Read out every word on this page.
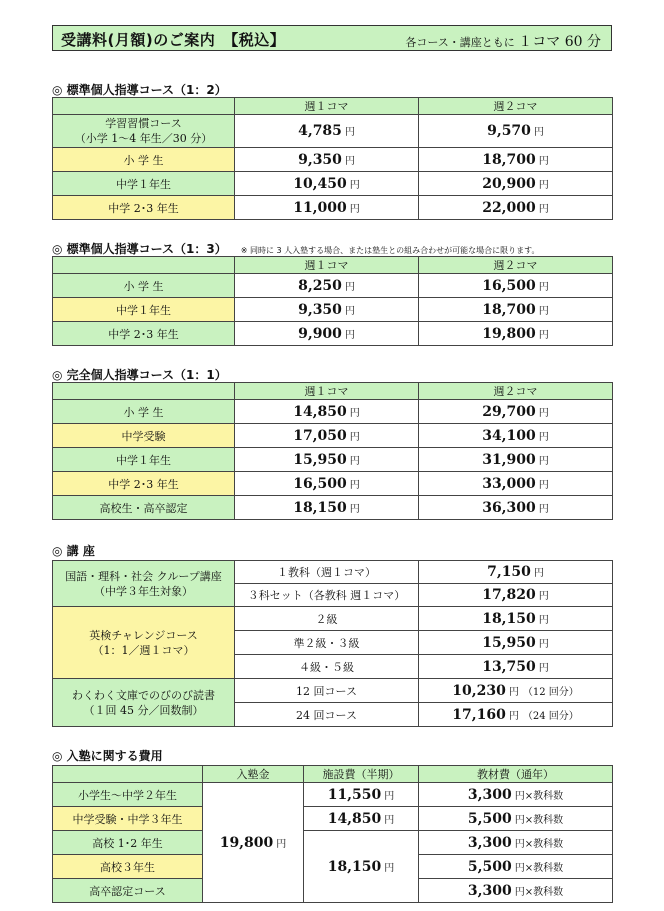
受講料(月額)のご案内　【税込】	各コース・講座ともに １コマ 60 分
◎ 標準個人指導コース（1：2）
	週１コマ	週２コマ
学習習慣コース
（小学 1～4 年生／30 分）	4,785 円	9,570 円
小 学 生	9,350 円	18,700 円
中学１年生	10,450 円	20,900 円
中学 2･3 年生	11,000 円	22,000 円
◎ 標準個人指導コース（1：3） ※ 同時に 3 人入塾する場合、または塾生との組み合わせが可能な場合に限ります。
	週１コマ	週２コマ
小 学 生	8,250 円	16,500 円
中学１年生	9,350 円	18,700 円
中学 2･3 年生	9,900 円	19,800 円
◎ 完全個人指導コース（1：1）
	週１コマ	週２コマ
小 学 生	14,850 円	29,700 円
中学受験	17,050 円	34,100 円
中学１年生	15,950 円	31,900 円
中学 2･3 年生	16,500 円	33,000 円
高校生・高卒認定	18,150 円	36,300 円
◎ 講 座
国語・理科・社会 クループ講座
（中学３年生対象）	１教科（週１コマ）	7,150 円
	３科セット（各教科 週１コマ）	17,820 円
英検チャレンジコース
（1：1／週１コマ）	２級	18,150 円
	準２級・３級	15,950 円
	４級・５級	13,750 円
わくわく文庫でのびのび読書
（１回 45 分／回数制）	12 回コース	10,230 円 （12 回分）
	24 回コース	17,160 円 （24 回分）
◎ 入塾に関する費用
	入塾金	施設費（半期）	教材費（通年）
小学生～中学２年生	19,800 円	11,550 円	3,300 円×教科数
中学受験・中学３年生		14,850 円	5,500 円×教科数
高校 1･2 年生		18,150 円	3,300 円×教科数
高校３年生			5,500 円×教科数
高卒認定コース			3,300 円×教科数
